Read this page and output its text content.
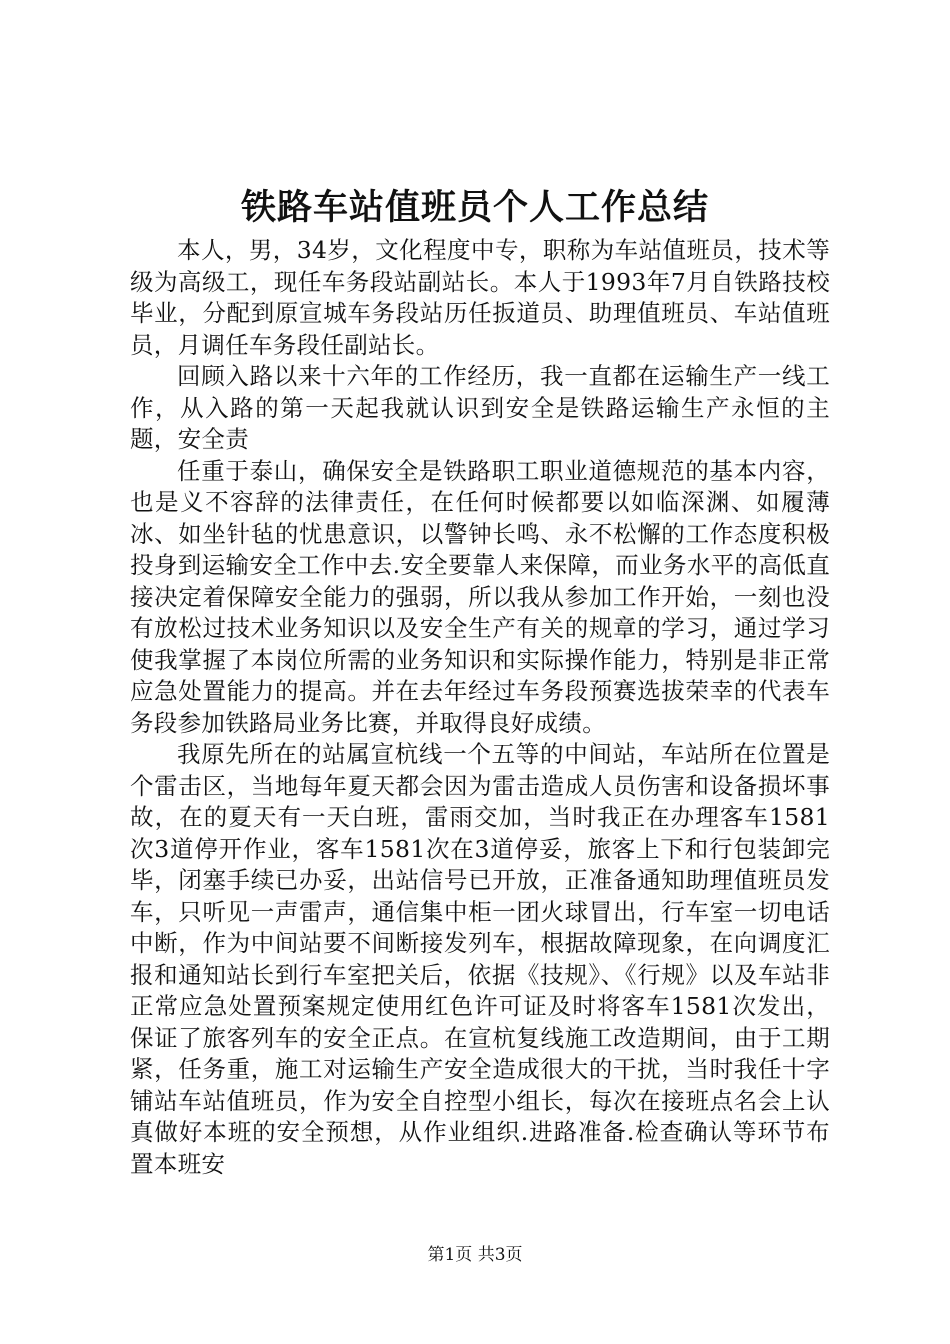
铁路车站值班员个人工作总结

本人，男，34岁，文化程度中专，职称为车站值班员，技术等级为高级工，现任车务段站副站长。本人于1993年7月自铁路技校毕业，分配到原宣城车务段站历任扳道员、助理值班员、车站值班员，月调任车务段任副站长。

回顾入路以来十六年的工作经历，我一直都在运输生产一线工作，从入路的第一天起我就认识到安全是铁路运输生产永恒的主题，安全责

任重于泰山，确保安全是铁路职工职业道德规范的基本内容，也是义不容辞的法律责任，在任何时候都要以如临深渊、如履薄冰、如坐针毡的忧患意识，以警钟长鸣、永不松懈的工作态度积极投身到运输安全工作中去.安全要靠人来保障，而业务水平的高低直接决定着保障安全能力的强弱，所以我从参加工作开始，一刻也没有放松过技术业务知识以及安全生产有关的规章的学习，通过学习使我掌握了本岗位所需的业务知识和实际操作能力，特别是非正常应急处置能力的提高。并在去年经过车务段预赛选拔荣幸的代表车务段参加铁路局业务比赛，并取得良好成绩。

我原先所在的站属宣杭线一个五等的中间站，车站所在位置是个雷击区，当地每年夏天都会因为雷击造成人员伤害和设备损坏事故，在的夏天有一天白班，雷雨交加，当时我正在办理客车1581次3道停开作业，客车1581次在3道停妥，旅客上下和行包装卸完毕，闭塞手续已办妥，出站信号已开放，正准备通知助理值班员发车，只听见一声雷声，通信集中柜一团火球冒出，行车室一切电话中断，作为中间站要不间断接发列车，根据故障现象，在向调度汇报和通知站长到行车室把关后，依据《技规》、《行规》以及车站非正常应急处置预案规定使用红色许可证及时将客车1581次发出，保证了旅客列车的安全正点。在宣杭复线施工改造期间，由于工期紧，任务重，施工对运输生产安全造成很大的干扰，当时我任十字铺站车站值班员，作为安全自控型小组长，每次在接班点名会上认真做好本班的安全预想，从作业组织.进路准备.检查确认等环节布置本班安

第1页 共3页
